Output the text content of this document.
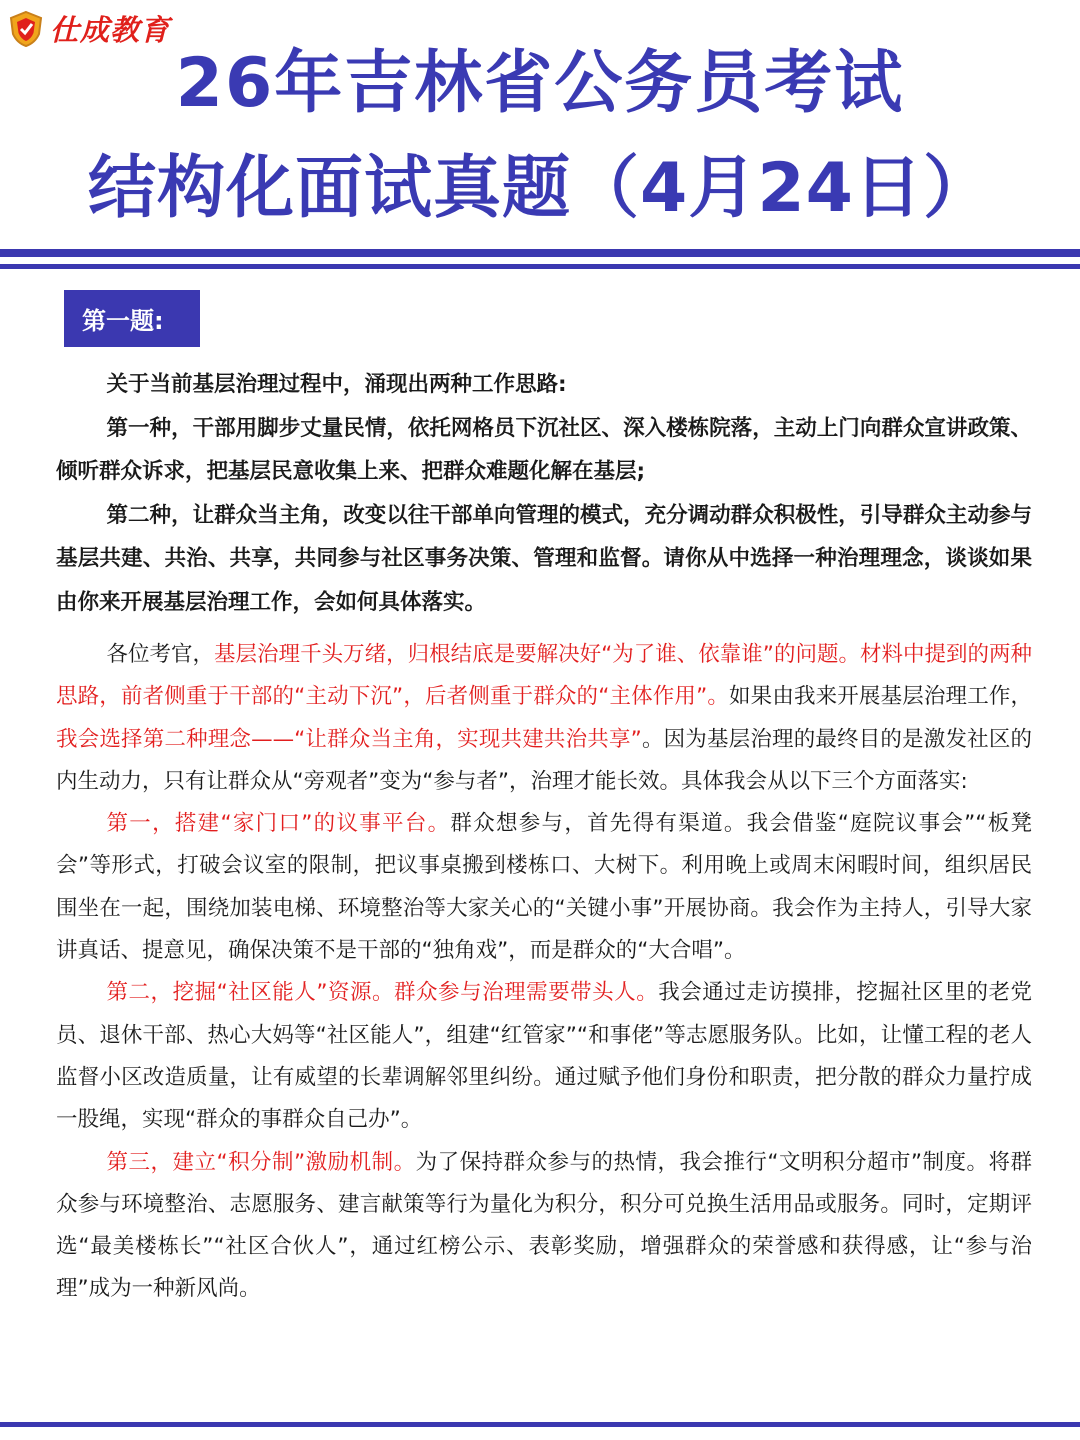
仕成教育
26年吉林省公务员考试
结构化面试真题（4月24日）
第一题:

关于当前基层治理过程中，涌现出两种工作思路:

第一种，干部用脚步丈量民情，依托网格员下沉社区、深入楼栋院落，主动上门向群众宣讲政策、倾听群众诉求，把基层民意收集上来、把群众难题化解在基层;

第二种，让群众当主角，改变以往干部单向管理的模式，充分调动群众积极性，引导群众主动参与基层共建、共治、共享，共同参与社区事务决策、管理和监督。请你从中选择一种治理理念，谈谈如果由你来开展基层治理工作，会如何具体落实。

各位考官，基层治理千头万绪，归根结底是要解决好“为了谁、依靠谁”的问题。材料中提到的两种思路，前者侧重于干部的“主动下沉”，后者侧重于群众的“主体作用”。如果由我来开展基层治理工作，我会选择第二种理念——“让群众当主角，实现共建共治共享”。因为基层治理的最终目的是激发社区的内生动力，只有让群众从“旁观者”变为“参与者”，治理才能长效。具体我会从以下三个方面落实:

第一，搭建“家门口”的议事平台。群众想参与，首先得有渠道。我会借鉴“庭院议事会”“板凳会”等形式，打破会议室的限制，把议事桌搬到楼栋口、大树下。利用晚上或周末闲暇时间，组织居民围坐在一起，围绕加装电梯、环境整治等大家关心的“关键小事”开展协商。我会作为主持人，引导大家讲真话、提意见，确保决策不是干部的“独角戏”，而是群众的“大合唱”。

第二，挖掘“社区能人”资源。群众参与治理需要带头人。我会通过走访摸排，挖掘社区里的老党员、退休干部、热心大妈等“社区能人”，组建“红管家”“和事佬”等志愿服务队。比如，让懂工程的老人监督小区改造质量，让有威望的长辈调解邻里纠纷。通过赋予他们身份和职责，把分散的群众力量拧成一股绳，实现“群众的事群众自己办”。

第三，建立“积分制”激励机制。为了保持群众参与的热情，我会推行“文明积分超市”制度。将群众参与环境整治、志愿服务、建言献策等行为量化为积分，积分可兑换生活用品或服务。同时，定期评选“最美楼栋长”“社区合伙人”，通过红榜公示、表彰奖励，增强群众的荣誉感和获得感，让“参与治理”成为一种新风尚。
